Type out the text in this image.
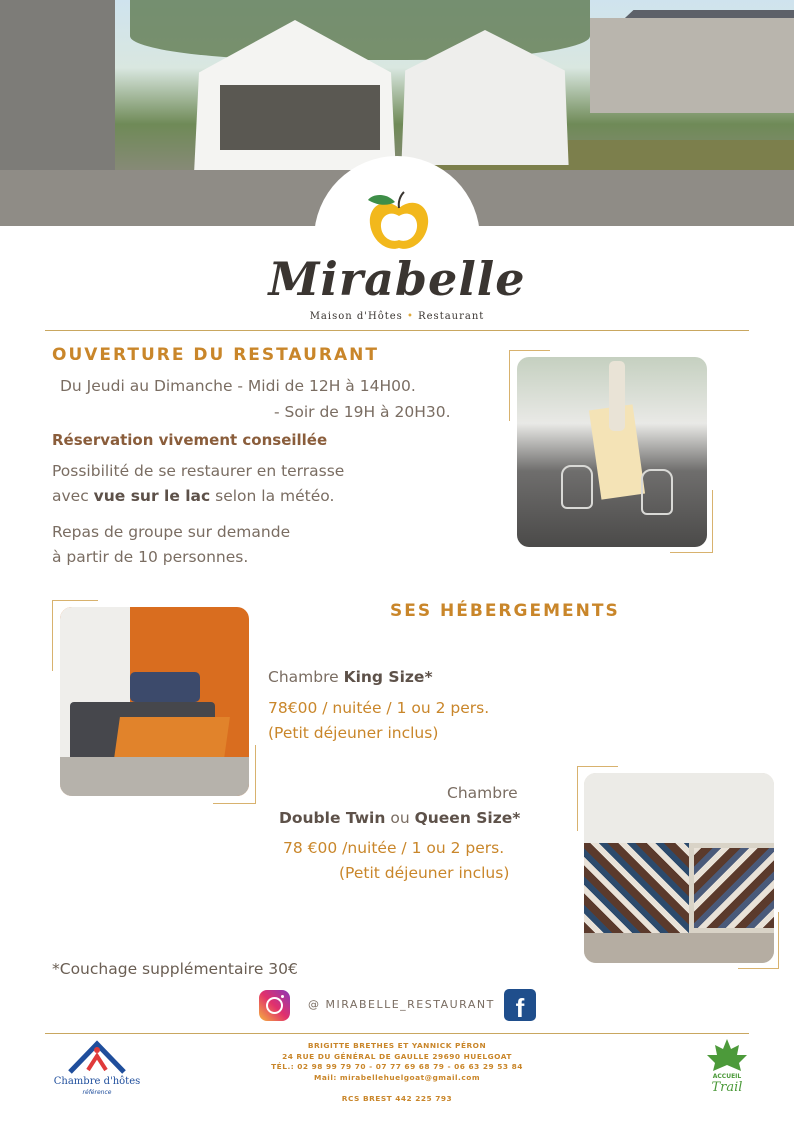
Mirabelle
Maison d'Hôtes • Restaurant
OUVERTURE DU RESTAURANT
Du Jeudi au Dimanche - Midi de 12H à 14H00.
- Soir de 19H à 20H30.
Réservation vivement conseillée
Possibilité de se restaurer en terrasse
avec vue sur le lac selon la météo.
Repas de groupe sur demande
à partir de 10 personnes.
SES HÉBERGEMENTS
Chambre King Size*
78€00 / nuitée / 1 ou 2 pers.
(Petit déjeuner inclus)
Chambre
Double Twin ou Queen Size*
78 €00 /nuitée / 1 ou 2 pers.
(Petit déjeuner inclus)
*Couchage supplémentaire 30€
@ MIRABELLE_RESTAURANT f
Chambre d'hôtes
référence
BRIGITTE BRETHES ET YANNICK PÉRON
24 RUE DU GÉNÉRAL DE GAULLE 29690 HUELGOAT
TÉL.: 02 98 99 79 70 - 07 77 69 68 79 - 06 63 29 53 84
Mail: mirabellehuelgoat@gmail.com
RCS BREST 442 225 793
ACCUEIL
Trail
